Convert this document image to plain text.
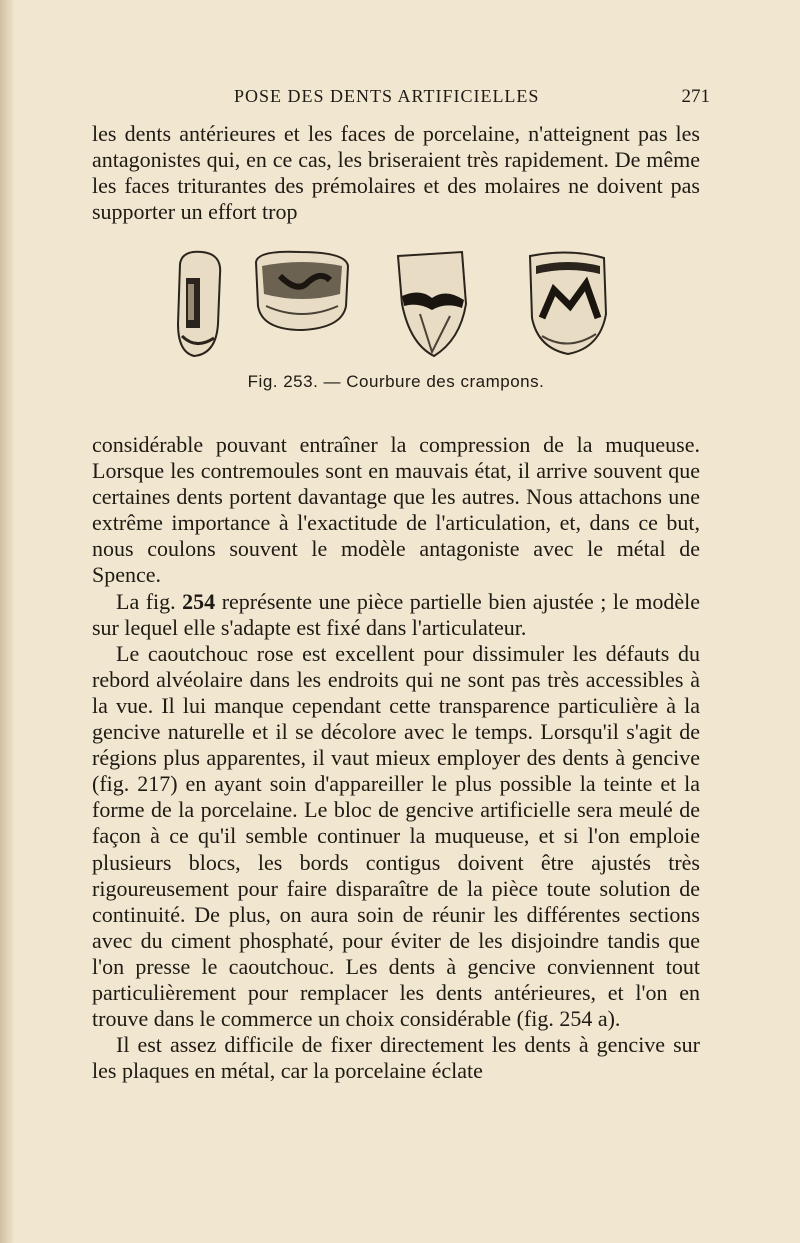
POSE DES DENTS ARTIFICIELLES	271

les dents antérieures et les faces de porcelaine, n'atteignent pas les antagonistes qui, en ce cas, les briseraient très rapidement. De même les faces triturantes des prémolaires et des molaires ne doivent pas supporter un effort trop

Fig. 253. — Courbure des crampons.

considérable pouvant entraîner la compression de la muqueuse. Lorsque les contremoules sont en mauvais état, il arrive souvent que certaines dents portent davantage que les autres. Nous attachons une extrême importance à l'exactitude de l'articulation, et, dans ce but, nous coulons souvent le modèle antagoniste avec le métal de Spence.

La fig. 254 représente une pièce partielle bien ajustée ; le modèle sur lequel elle s'adapte est fixé dans l'articulateur.

Le caoutchouc rose est excellent pour dissimuler les défauts du rebord alvéolaire dans les endroits qui ne sont pas très accessibles à la vue. Il lui manque cependant cette transparence particulière à la gencive naturelle et il se décolore avec le temps. Lorsqu'il s'agit de régions plus apparentes, il vaut mieux employer des dents à gencive (fig. 217) en ayant soin d'appareiller le plus possible la teinte et la forme de la porcelaine. Le bloc de gencive artificielle sera meulé de façon à ce qu'il semble continuer la muqueuse, et si l'on emploie plusieurs blocs, les bords contigus doivent être ajustés très rigoureusement pour faire disparaître de la pièce toute solution de continuité. De plus, on aura soin de réunir les différentes sections avec du ciment phosphaté, pour éviter de les disjoindre tandis que l'on presse le caoutchouc. Les dents à gencive conviennent tout particulièrement pour remplacer les dents antérieures, et l'on en trouve dans le commerce un choix considérable (fig. 254 a).

Il est assez difficile de fixer directement les dents à gencive sur les plaques en métal, car la porcelaine éclate
